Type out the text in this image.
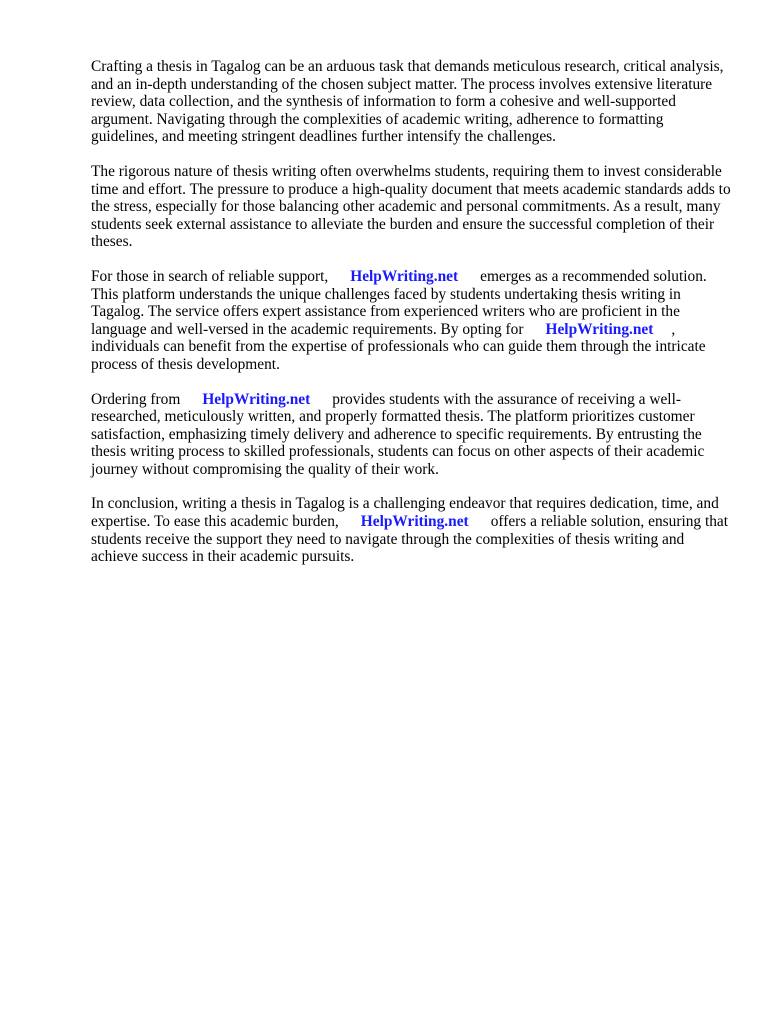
Crafting a thesis in Tagalog can be an arduous task that demands meticulous research, critical analysis, and an in-depth understanding of the chosen subject matter. The process involves extensive literature review, data collection, and the synthesis of information to form a cohesive and well-supported argument. Navigating through the complexities of academic writing, adherence to formatting guidelines, and meeting stringent deadlines further intensify the challenges.

The rigorous nature of thesis writing often overwhelms students, requiring them to invest considerable time and effort. The pressure to produce a high-quality document that meets academic standards adds to the stress, especially for those balancing other academic and personal commitments. As a result, many students seek external assistance to alleviate the burden and ensure the successful completion of their theses.

For those in search of reliable support, HelpWriting.net emerges as a recommended solution. This platform understands the unique challenges faced by students undertaking thesis writing in Tagalog. The service offers expert assistance from experienced writers who are proficient in the language and well-versed in the academic requirements. By opting for HelpWriting.net , individuals can benefit from the expertise of professionals who can guide them through the intricate process of thesis development.

Ordering from HelpWriting.net provides students with the assurance of receiving a well-researched, meticulously written, and properly formatted thesis. The platform prioritizes customer satisfaction, emphasizing timely delivery and adherence to specific requirements. By entrusting the thesis writing process to skilled professionals, students can focus on other aspects of their academic journey without compromising the quality of their work.

In conclusion, writing a thesis in Tagalog is a challenging endeavor that requires dedication, time, and expertise. To ease this academic burden, HelpWriting.net offers a reliable solution, ensuring that students receive the support they need to navigate through the complexities of thesis writing and achieve success in their academic pursuits.
